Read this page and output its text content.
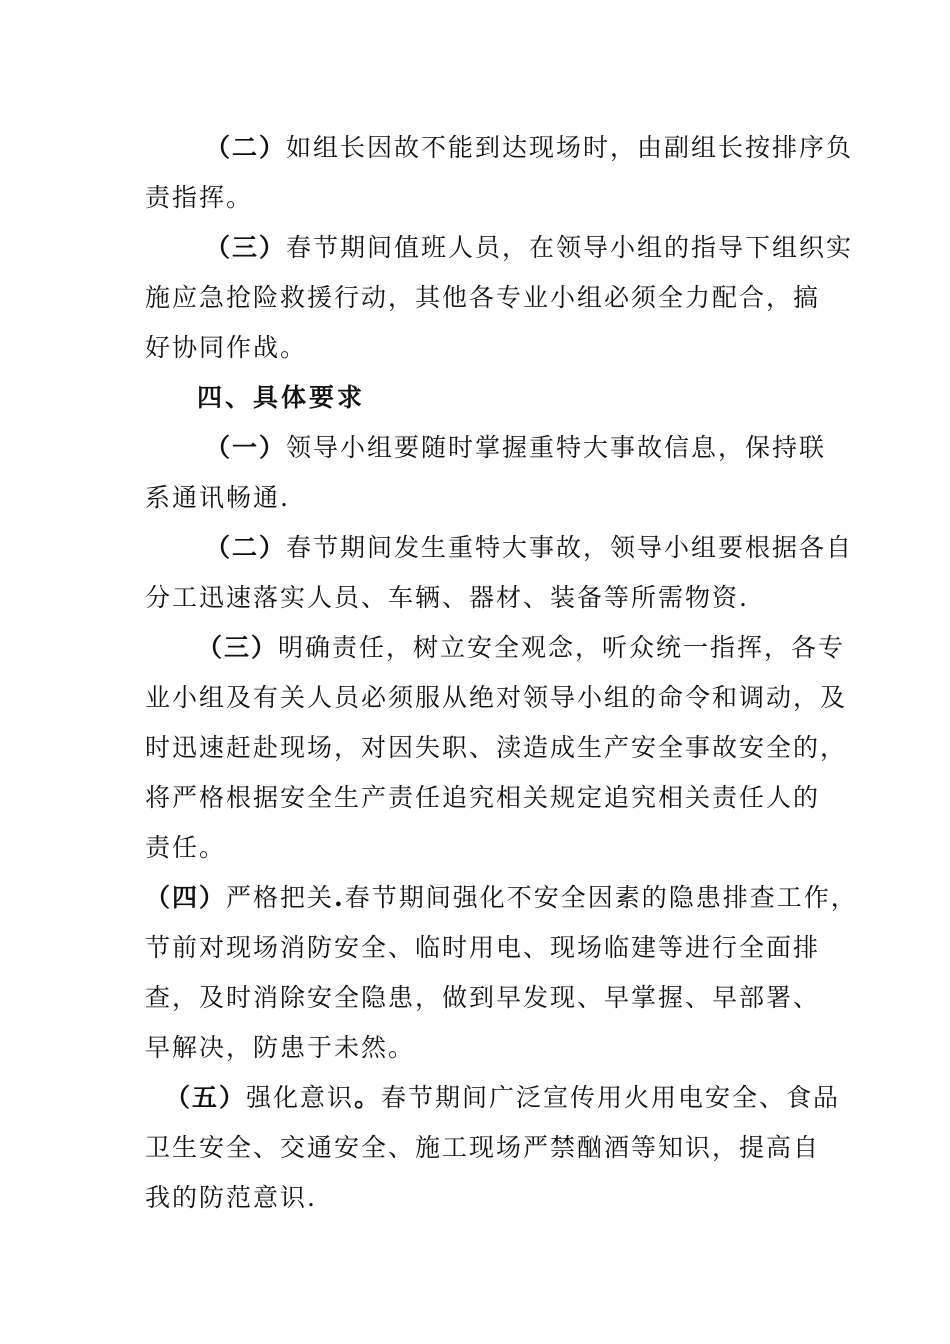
（二）如组长因故不能到达现场时，由副组长按排序负
责指挥。
（三）春节期间值班人员，在领导小组的指导下组织实
施应急抢险救援行动，其他各专业小组必须全力配合，搞
好协同作战。
四、具体要求
（一）领导小组要随时掌握重特大事故信息，保持联
系通讯畅通.
（二）春节期间发生重特大事故，领导小组要根据各自
分工迅速落实人员、车辆、器材、装备等所需物资.
（三）明确责任，树立安全观念，听众统一指挥，各专
业小组及有关人员必须服从绝对领导小组的命令和调动，及
时迅速赶赴现场，对因失职、渎造成生产安全事故安全的，
将严格根据安全生产责任追究相关规定追究相关责任人的
责任。
（四）严格把关.春节期间强化不安全因素的隐患排查工作，
节前对现场消防安全、临时用电、现场临建等进行全面排
查，及时消除安全隐患，做到早发现、早掌握、早部署、
早解决，防患于未然。
（五）强化意识。春节期间广泛宣传用火用电安全、食品
卫生安全、交通安全、施工现场严禁酗酒等知识，提高自
我的防范意识.
